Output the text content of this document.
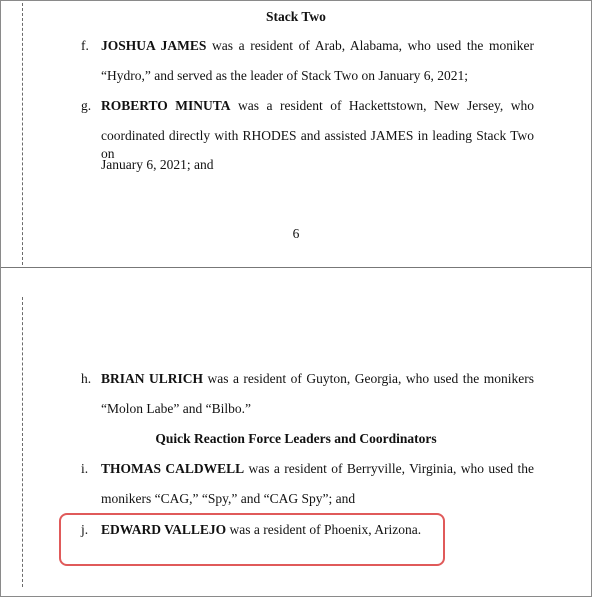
Stack Two
f. JOSHUA JAMES was a resident of Arab, Alabama, who used the moniker
“Hydro,” and served as the leader of Stack Two on January 6, 2021;
g. ROBERTO MINUTA was a resident of Hackettstown, New Jersey, who
coordinated directly with RHODES and assisted JAMES in leading Stack Two on
January 6, 2021; and
6
h. BRIAN ULRICH was a resident of Guyton, Georgia, who used the monikers
“Molon Labe” and “Bilbo.”
Quick Reaction Force Leaders and Coordinators
i. THOMAS CALDWELL was a resident of Berryville, Virginia, who used the
monikers “CAG,” “Spy,” and “CAG Spy”; and
j. EDWARD VALLEJO was a resident of Phoenix, Arizona.
